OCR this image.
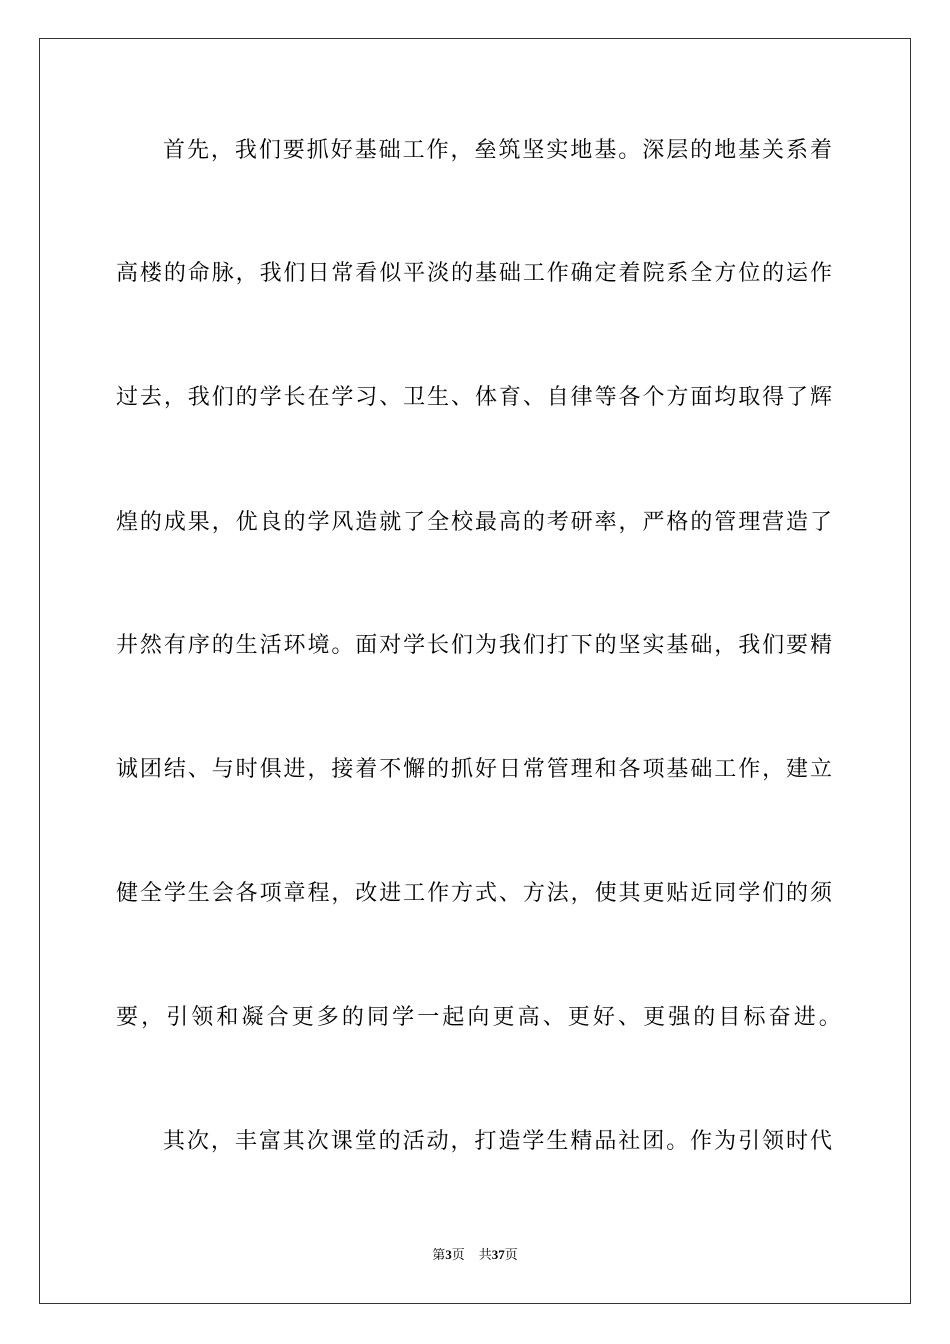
首先，我们要抓好基础工作，垒筑坚实地基。深层的地基关系着
高楼的命脉，我们日常看似平淡的基础工作确定着院系全方位的运作
过去，我们的学长在学习、卫生、体育、自律等各个方面均取得了辉
煌的成果，优良的学风造就了全校最高的考研率，严格的管理营造了
井然有序的生活环境。面对学长们为我们打下的坚实基础，我们要精
诚团结、与时俱进，接着不懈的抓好日常管理和各项基础工作，建立
健全学生会各项章程，改进工作方式、方法，使其更贴近同学们的须
要，引领和凝合更多的同学一起向更高、更好、更强的目标奋进。
其次，丰富其次课堂的活动，打造学生精品社团。作为引领时代
第3页 共37页
